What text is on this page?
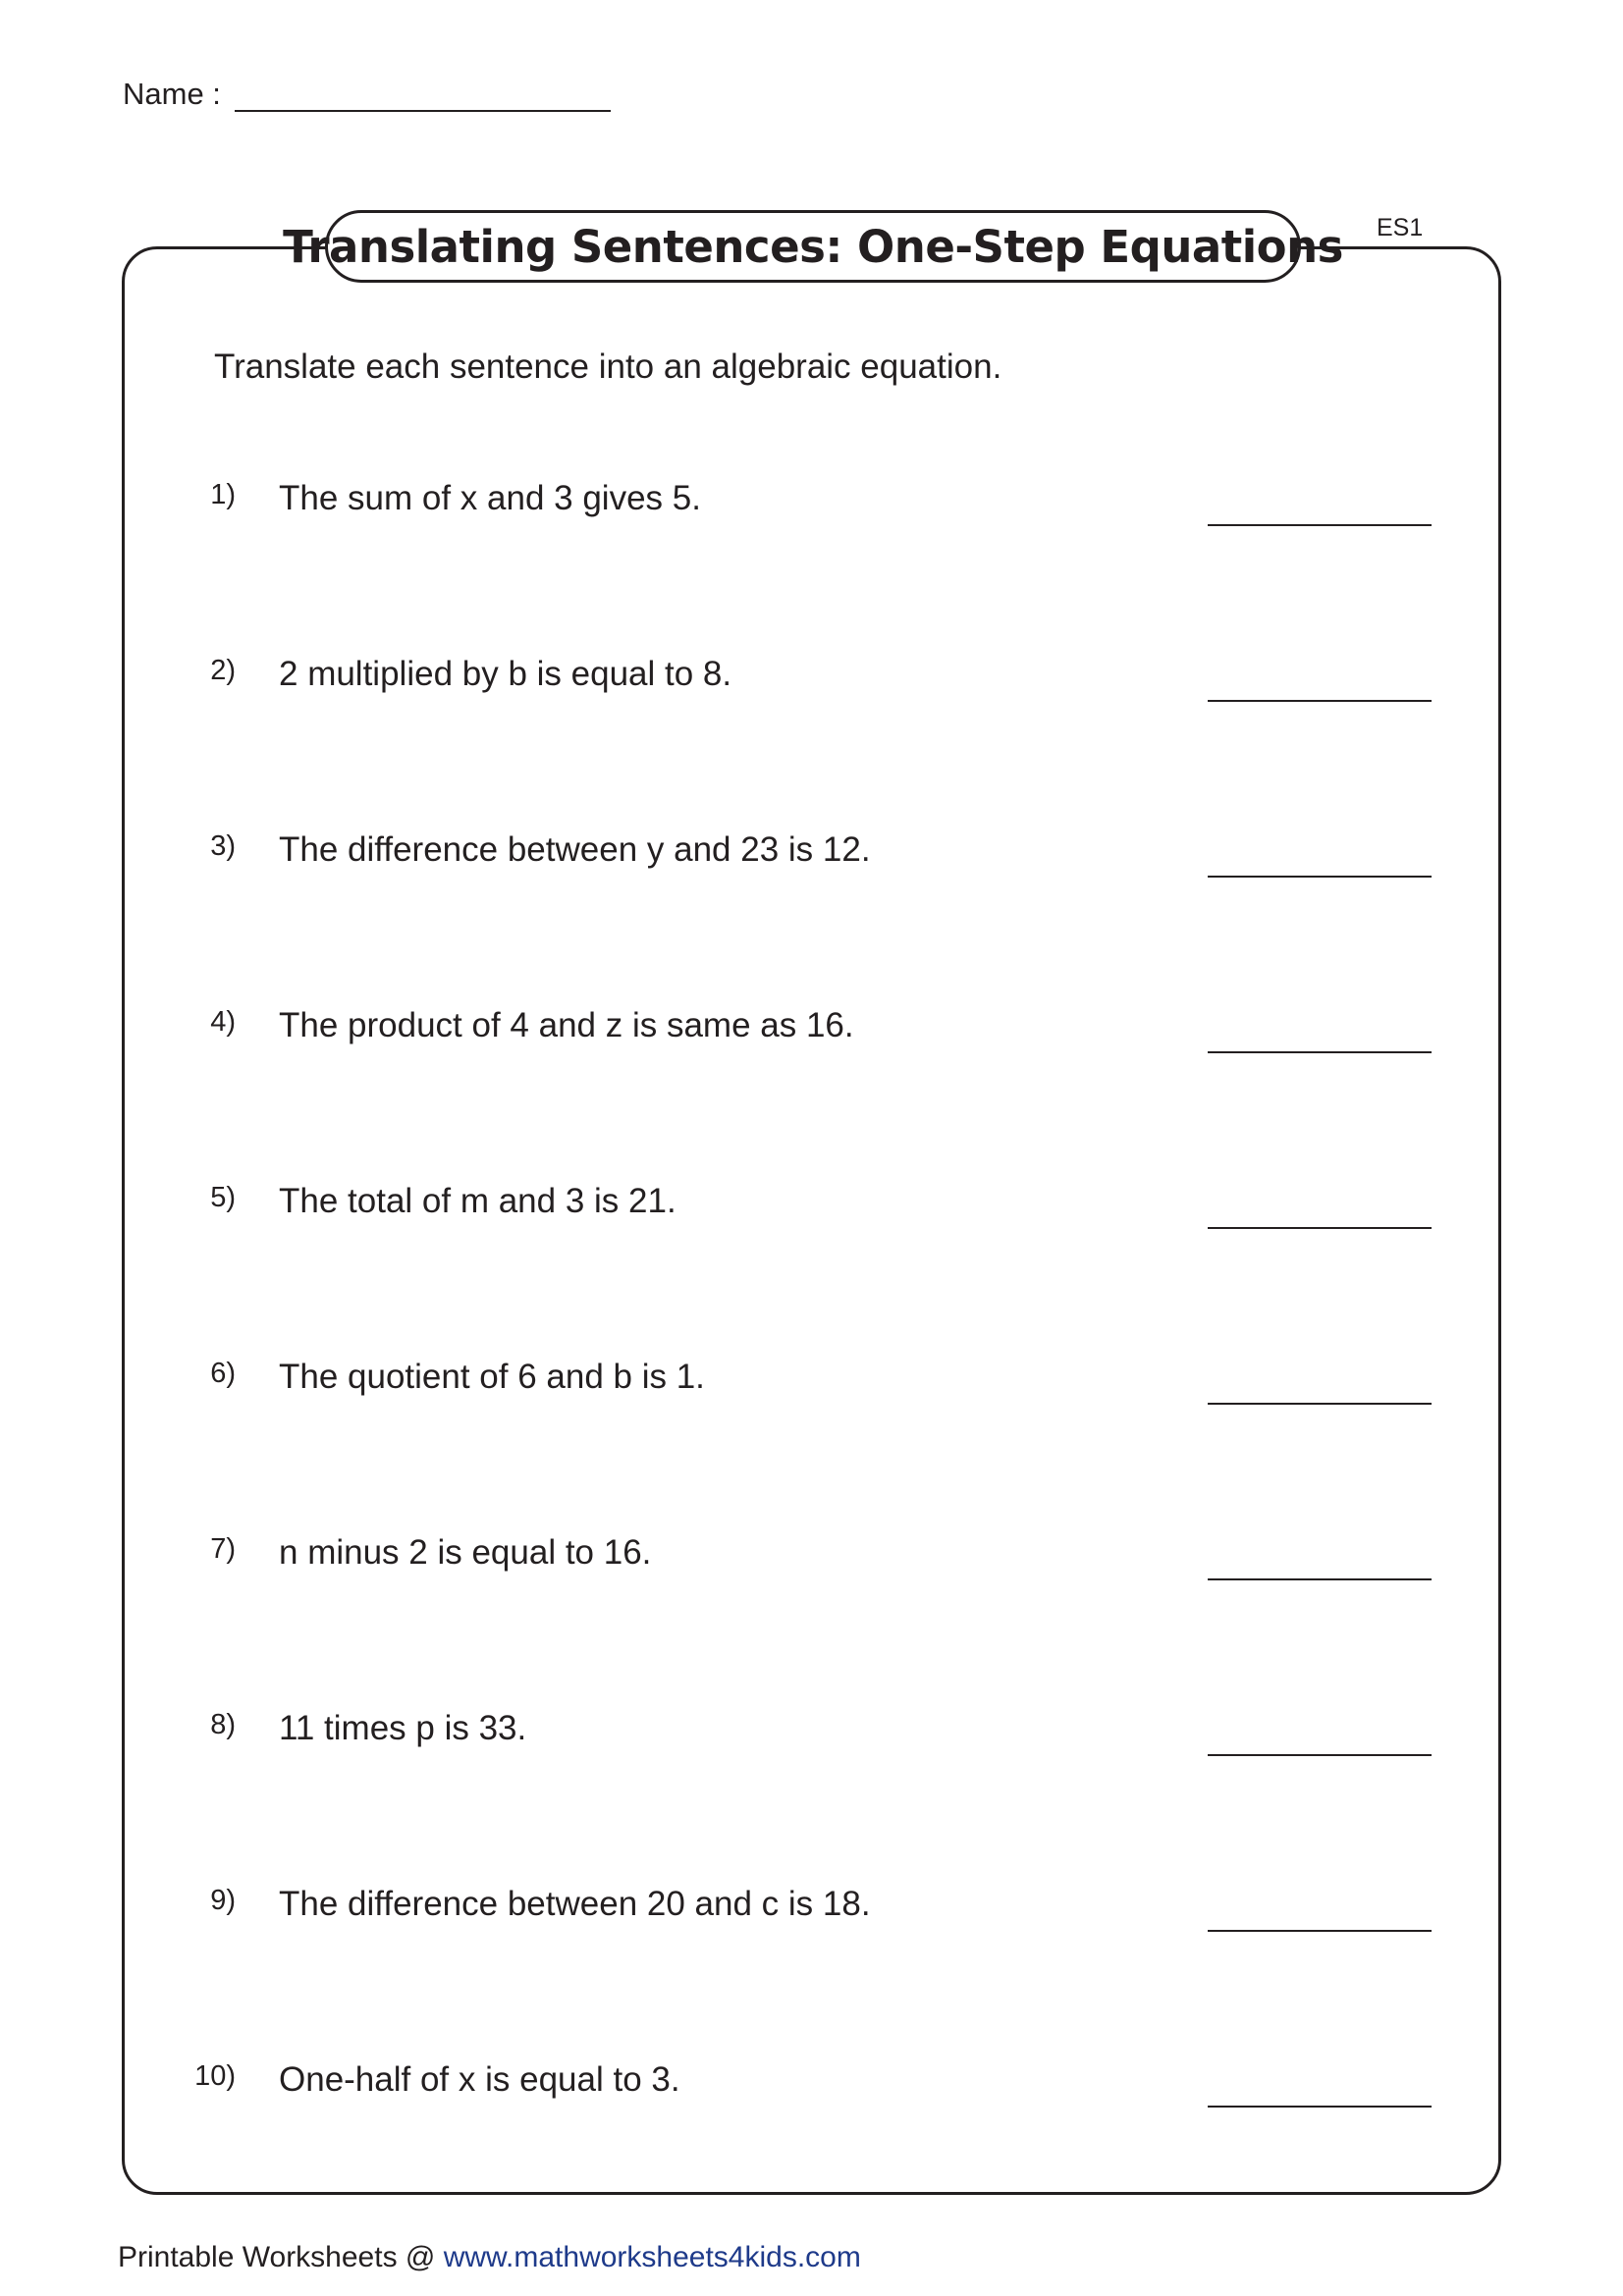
Name :
Translating Sentences: One-Step Equations ES1
Translate each sentence into an algebraic equation.
1) The sum of x and 3 gives 5.
2) 2 multiplied by b is equal to 8.
3) The difference between y and 23 is 12.
4) The product of 4 and z is same as 16.
5) The total of m and 3 is 21.
6) The quotient of 6 and b is 1.
7) n minus 2 is equal to 16.
8) 11 times p is 33.
9) The difference between 20 and c is 18.
10) One-half of x is equal to 3.
Printable Worksheets @ www.mathworksheets4kids.com
